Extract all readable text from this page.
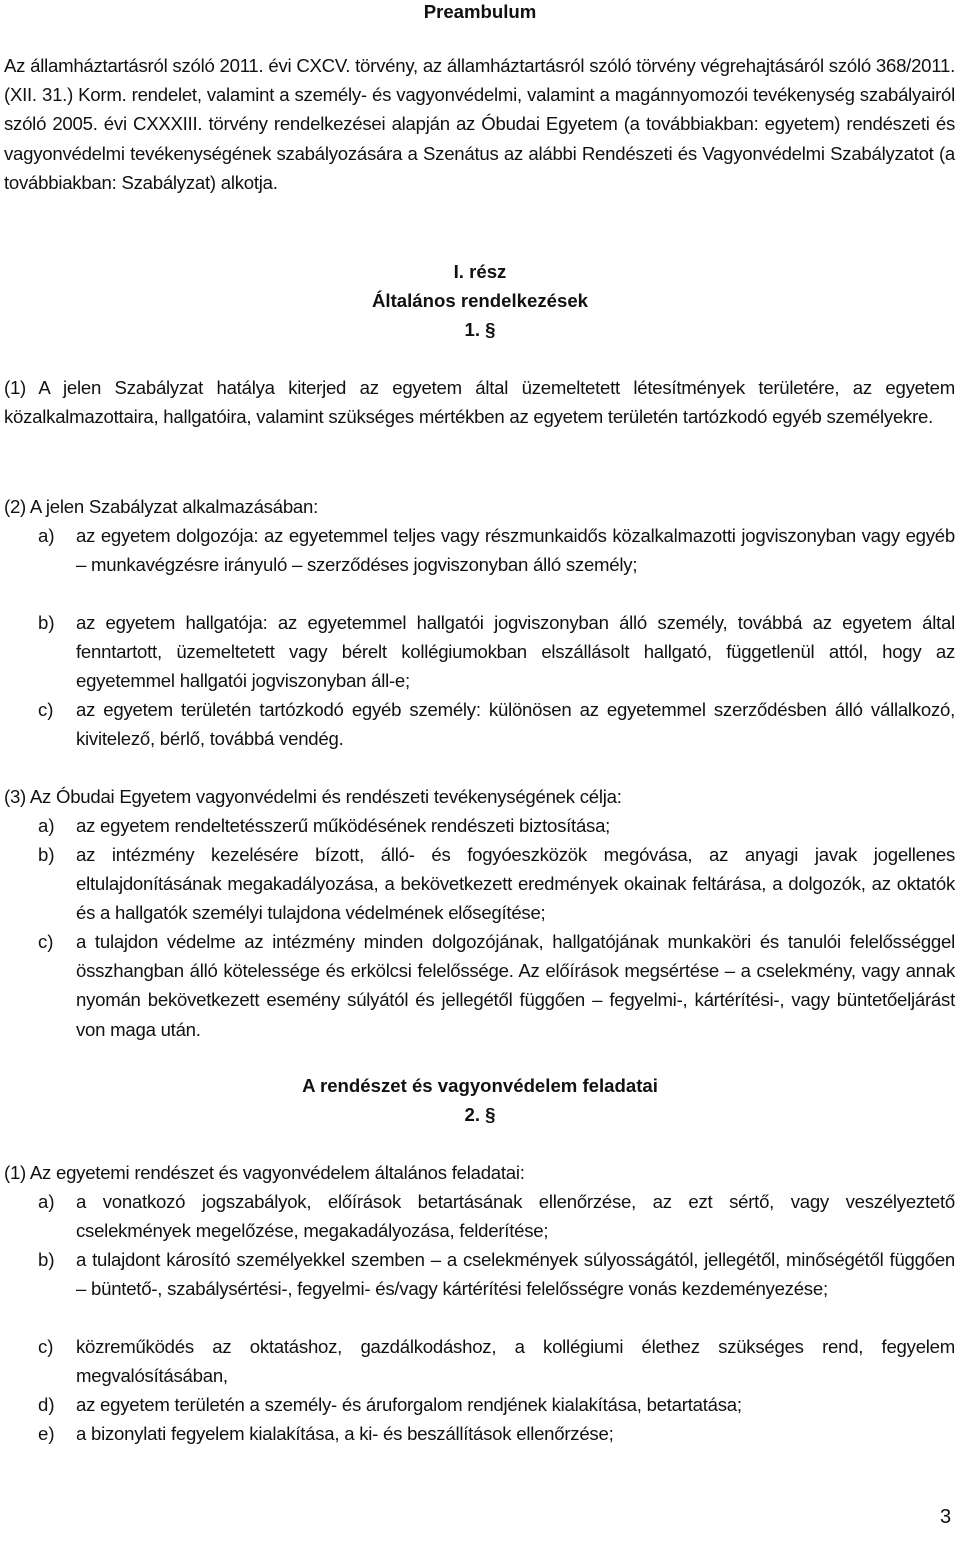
Preambulum
Az államháztartásról szóló 2011. évi CXCV. törvény, az államháztartásról szóló törvény végrehajtásáról szóló 368/2011. (XII. 31.) Korm. rendelet, valamint a személy- és vagyonvédelmi, valamint a magánnyomozói tevékenység szabályairól szóló 2005. évi CXXXIII. törvény rendelkezései alapján az Óbudai Egyetem (a továbbiakban: egyetem) rendészeti és vagyonvédelmi tevékenységének szabályozására a Szenátus az alábbi Rendészeti és Vagyonvédelmi Szabályzatot (a továbbiakban: Szabályzat) alkotja.
I. rész
Általános rendelkezések
1. §
(1) A jelen Szabályzat hatálya kiterjed az egyetem által üzemeltetett létesítmények területére, az egyetem közalkalmazottaira, hallgatóira, valamint szükséges mértékben az egyetem területén tartózkodó egyéb személyekre.
(2) A jelen Szabályzat alkalmazásában:
a) az egyetem dolgozója: az egyetemmel teljes vagy részmunkaidős közalkalmazotti jogviszonyban vagy egyéb – munkavégzésre irányuló – szerződéses jogviszonyban álló személy;
b) az egyetem hallgatója: az egyetemmel hallgatói jogviszonyban álló személy, továbbá az egyetem által fenntartott, üzemeltetett vagy bérelt kollégiumokban elszállásolt hallgató, függetlenül attól, hogy az egyetemmel hallgatói jogviszonyban áll-e;
c) az egyetem területén tartózkodó egyéb személy: különösen az egyetemmel szerződésben álló vállalkozó, kivitelező, bérlő, továbbá vendég.
(3) Az Óbudai Egyetem vagyonvédelmi és rendészeti tevékenységének célja:
a) az egyetem rendeltetésszerű működésének rendészeti biztosítása;
b) az intézmény kezelésére bízott, álló- és fogyóeszközök megóvása, az anyagi javak jogellenes eltulajdonításának megakadályozása, a bekövetkezett eredmények okainak feltárása, a dolgozók, az oktatók és a hallgatók személyi tulajdona védelmének elősegítése;
c) a tulajdon védelme az intézmény minden dolgozójának, hallgatójának munkaköri és tanulói felelősséggel összhangban álló kötelessége és erkölcsi felelőssége. Az előírások megsértése – a cselekmény, vagy annak nyomán bekövetkezett esemény súlyától és jellegétől függően – fegyelmi-, kártérítési-, vagy büntetőeljárást von maga után.
A rendészet és vagyonvédelem feladatai
2. §
(1) Az egyetemi rendészet és vagyonvédelem általános feladatai:
a) a vonatkozó jogszabályok, előírások betartásának ellenőrzése, az ezt sértő, vagy veszélyeztető cselekmények megelőzése, megakadályozása, felderítése;
b) a tulajdont károsító személyekkel szemben – a cselekmények súlyosságától, jellegétől, minőségétől függően – büntető-, szabálysértési-, fegyelmi- és/vagy kártérítési felelősségre vonás kezdeményezése;
c) közreműködés az oktatáshoz, gazdálkodáshoz, a kollégiumi élethez szükséges rend, fegyelem megvalósításában,
d) az egyetem területén a személy- és áruforgalom rendjének kialakítása, betartatása;
e) a bizonylati fegyelem kialakítása, a ki- és beszállítások ellenőrzése;
3
